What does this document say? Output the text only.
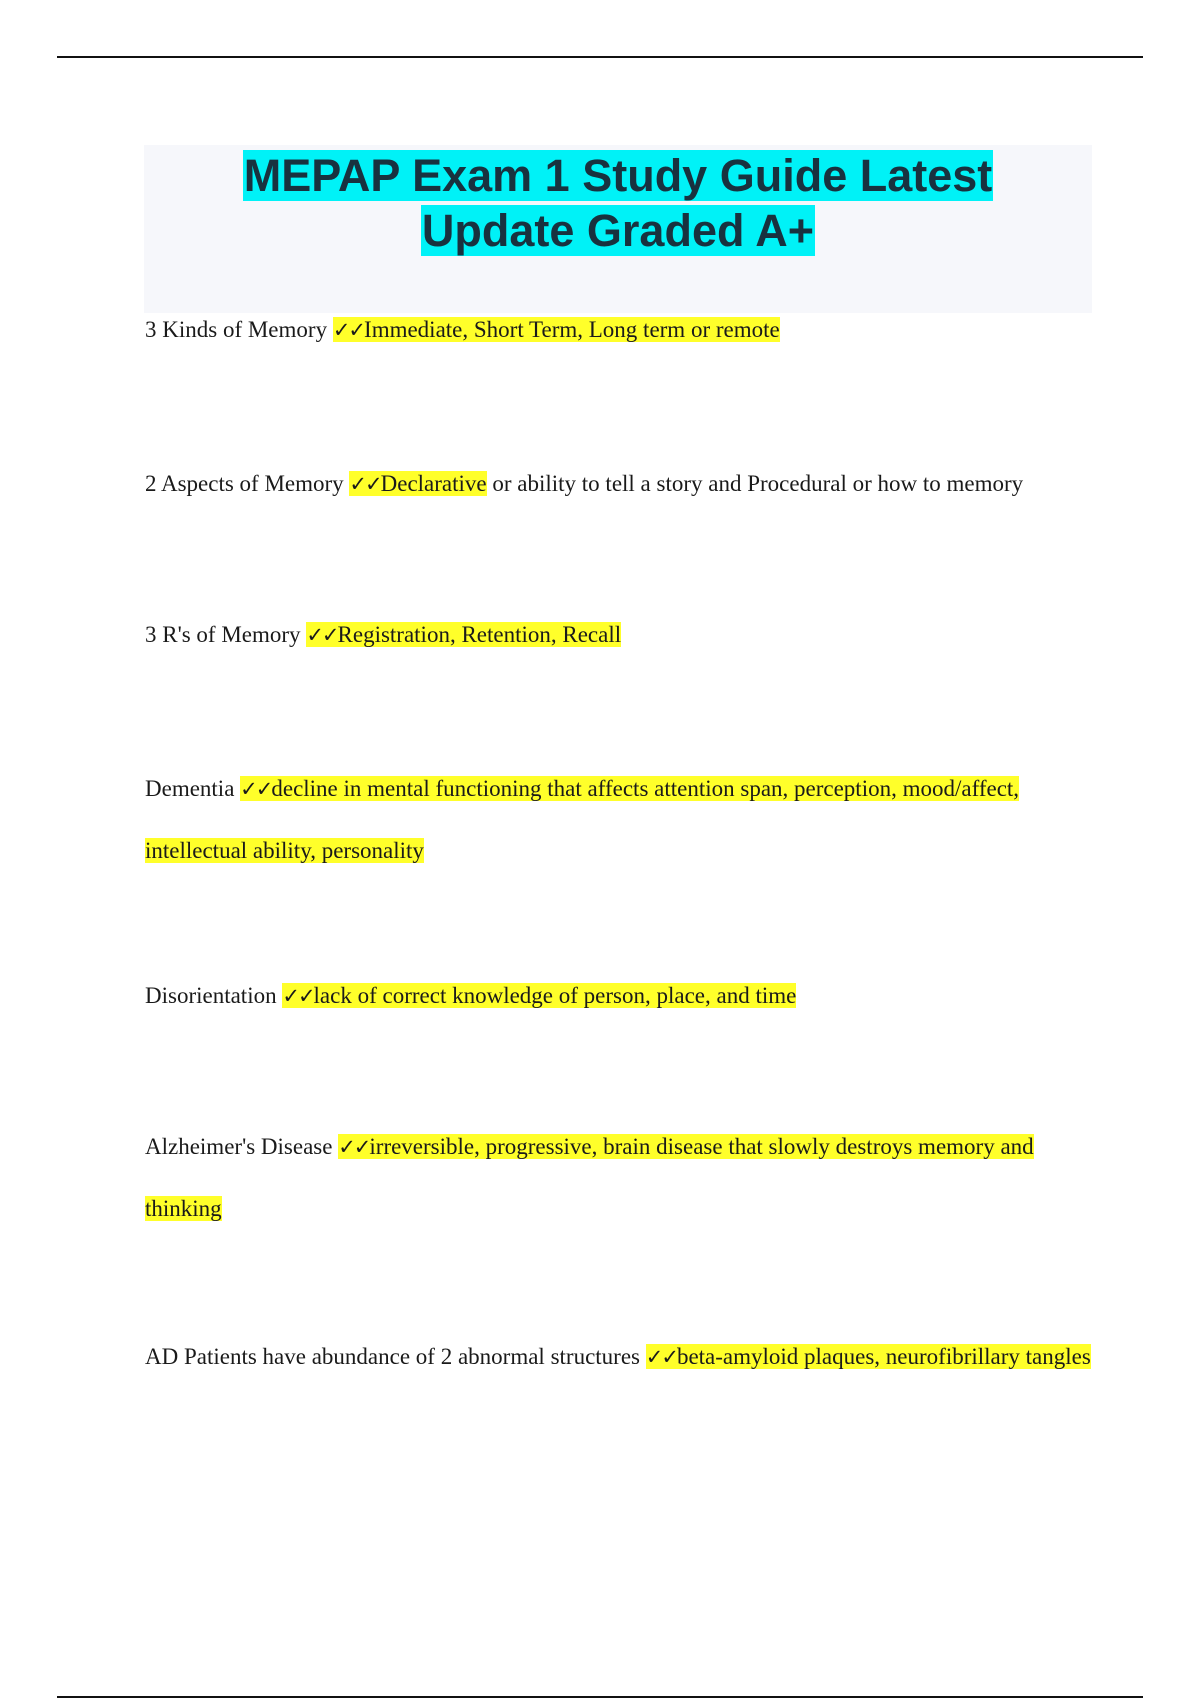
MEPAP Exam 1 Study Guide Latest
Update Graded A+

3 Kinds of Memory ✓✓Immediate, Short Term, Long term or remote

2 Aspects of Memory ✓✓Declarative or ability to tell a story and Procedural or how to memory

3 R's of Memory ✓✓Registration, Retention, Recall

Dementia ✓✓decline in mental functioning that affects attention span, perception, mood/affect, intellectual ability, personality

Disorientation ✓✓lack of correct knowledge of person, place, and time

Alzheimer's Disease ✓✓irreversible, progressive, brain disease that slowly destroys memory and thinking

AD Patients have abundance of 2 abnormal structures ✓✓beta-amyloid plaques, neurofibrillary tangles
